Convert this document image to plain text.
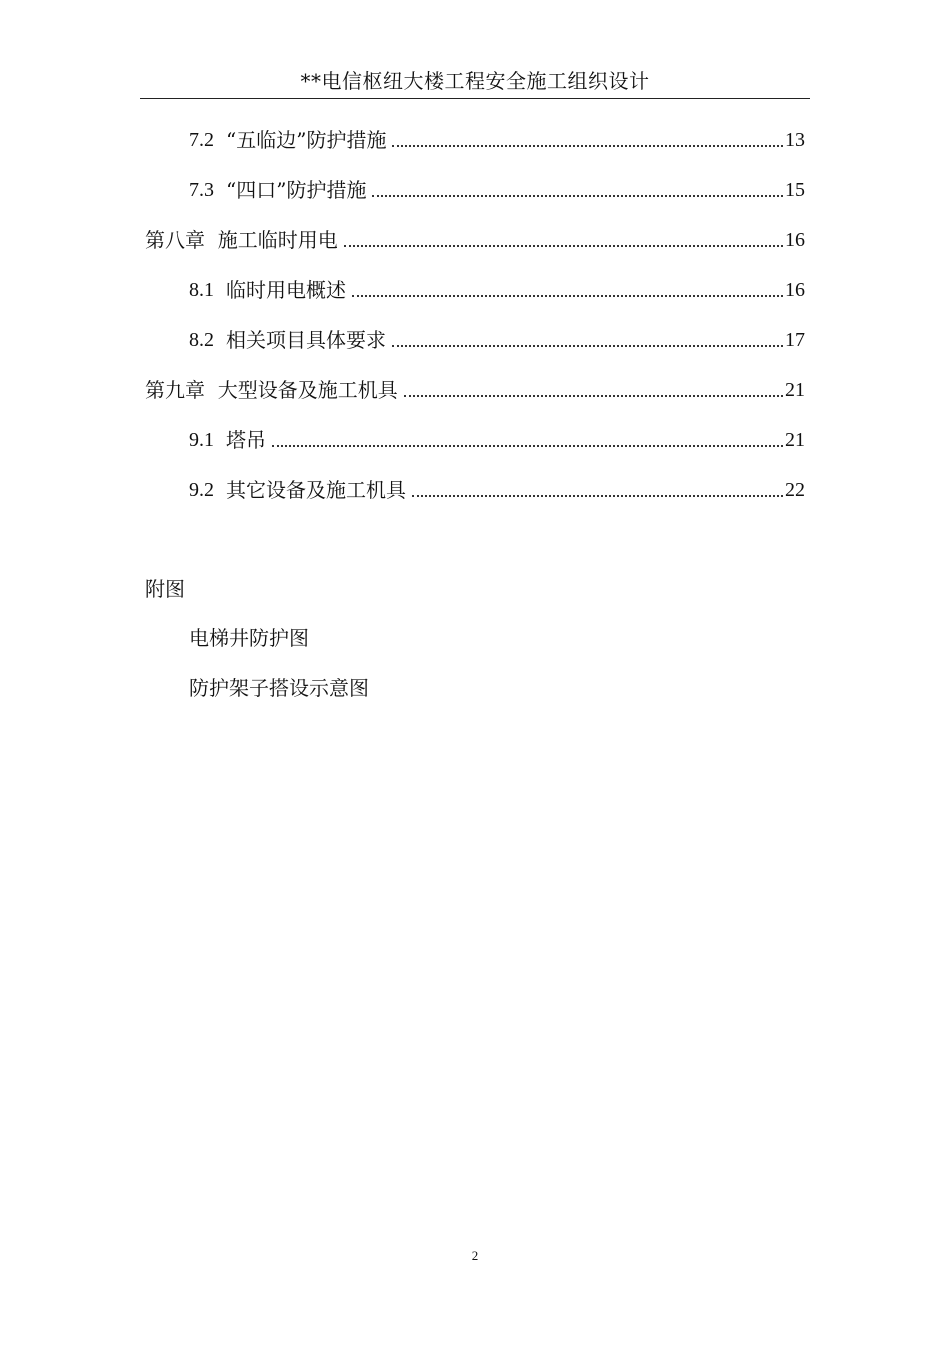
**电信枢纽大楼工程安全施工组织设计
7.2 “五临边”防护措施	13
7.3 “四口”防护措施	15
第八章  施工临时用电	16
8.1 临时用电概述	16
8.2 相关项目具体要求	17
第九章  大型设备及施工机具	21
9.1 塔吊	21
9.2 其它设备及施工机具	22
附图
电梯井防护图
防护架子搭设示意图
2
